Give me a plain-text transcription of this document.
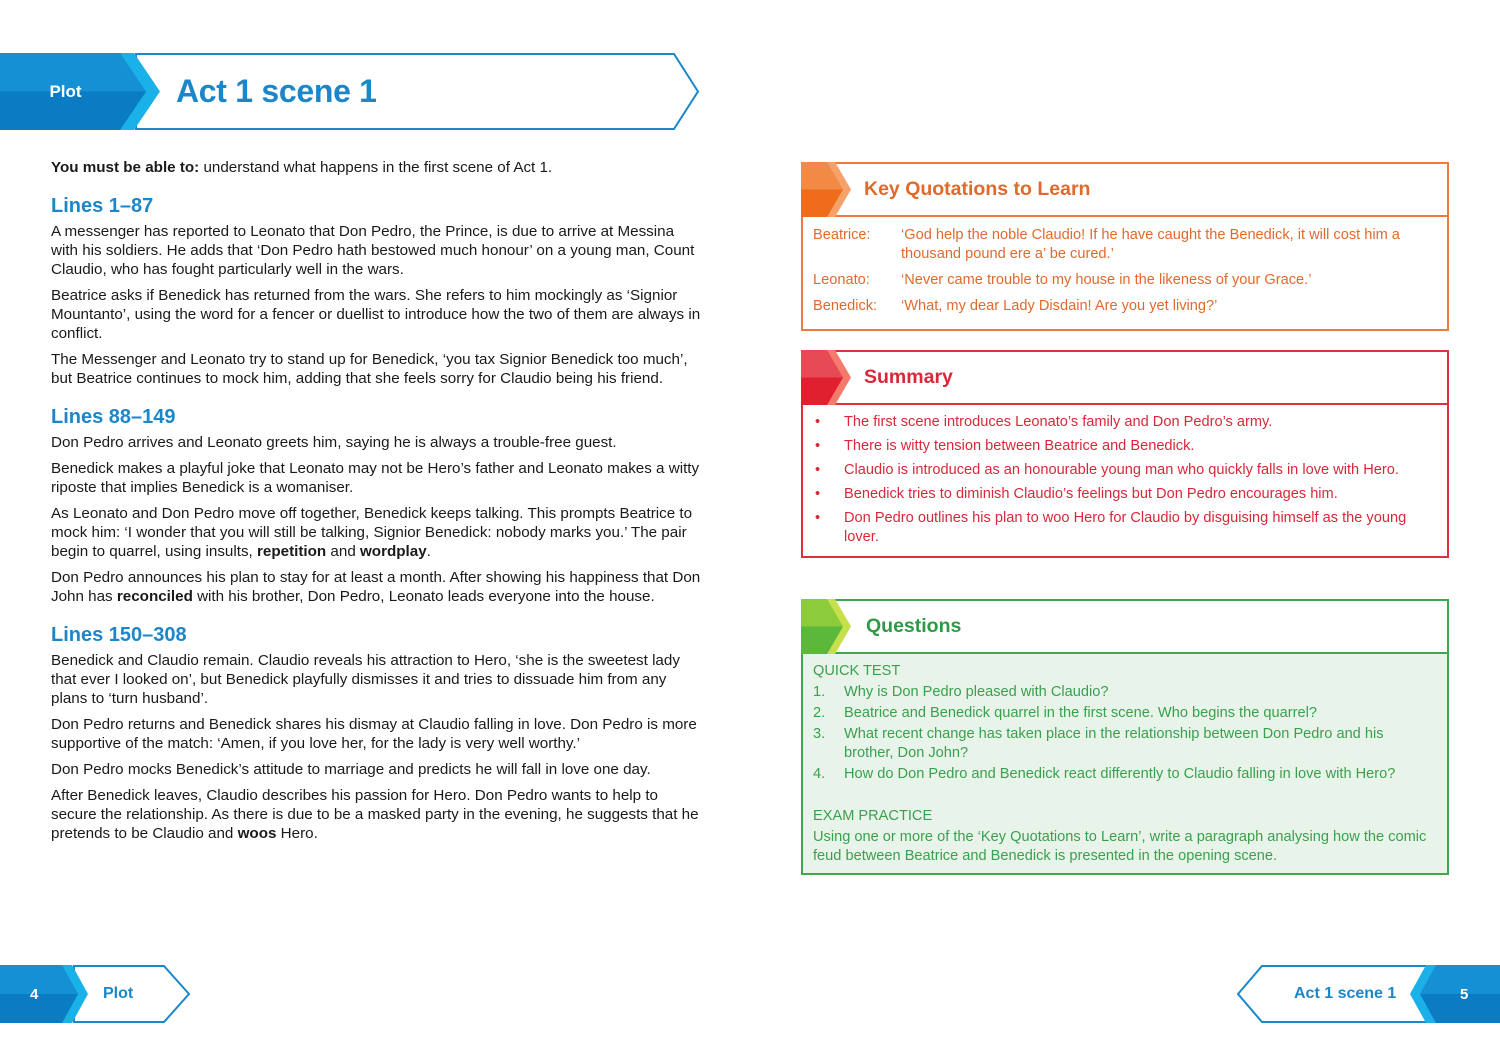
Plot	Act 1 scene 1

You must be able to: understand what happens in the first scene of Act 1.

Lines 1–87

A messenger has reported to Leonato that Don Pedro, the Prince, is due to arrive at Messina with his soldiers. He adds that ‘Don Pedro hath bestowed much honour’ on a young man, Count Claudio, who has fought particularly well in the wars.

Beatrice asks if Benedick has returned from the wars. She refers to him mockingly as ‘Signior Mountanto’, using the word for a fencer or duellist to introduce how the two of them are always in conflict.

The Messenger and Leonato try to stand up for Benedick, ‘you tax Signior Benedick too much’, but Beatrice continues to mock him, adding that she feels sorry for Claudio being his friend.

Lines 88–149

Don Pedro arrives and Leonato greets him, saying he is always a trouble-free guest.

Benedick makes a playful joke that Leonato may not be Hero’s father and Leonato makes a witty riposte that implies Benedick is a womaniser.

As Leonato and Don Pedro move off together, Benedick keeps talking. This prompts Beatrice to mock him: ‘I wonder that you will still be talking, Signior Benedick: nobody marks you.’ The pair begin to quarrel, using insults, repetition and wordplay.

Don Pedro announces his plan to stay for at least a month. After showing his happiness that Don John has reconciled with his brother, Don Pedro, Leonato leads everyone into the house.

Lines 150–308

Benedick and Claudio remain. Claudio reveals his attraction to Hero, ‘she is the sweetest lady that ever I looked on’, but Benedick playfully dismisses it and tries to dissuade him from any plans to ‘turn husband’.

Don Pedro returns and Benedick shares his dismay at Claudio falling in love. Don Pedro is more supportive of the match: ‘Amen, if you love her, for the lady is very well worthy.’

Don Pedro mocks Benedick’s attitude to marriage and predicts he will fall in love one day.

After Benedick leaves, Claudio describes his passion for Hero. Don Pedro wants to help to secure the relationship. As there is due to be a masked party in the evening, he suggests that he pretends to be Claudio and woos Hero.

Key Quotations to Learn
Beatrice:	‘God help the noble Claudio! If he have caught the Benedick, it will cost him a thousand pound ere a’ be cured.’
Leonato:	‘Never came trouble to my house in the likeness of your Grace.’
Benedick:	‘What, my dear Lady Disdain! Are you yet living?’
Summary
•	The first scene introduces Leonato’s family and Don Pedro’s army.
•	There is witty tension between Beatrice and Benedick.
•	Claudio is introduced as an honourable young man who quickly falls in love with Hero.
•	Benedick tries to diminish Claudio’s feelings but Don Pedro encourages him.
•	Don Pedro outlines his plan to woo Hero for Claudio by disguising himself as the young lover.
Questions
QUICK TEST
1.	Why is Don Pedro pleased with Claudio?
2.	Beatrice and Benedick quarrel in the first scene. Who begins the quarrel?
3.	What recent change has taken place in the relationship between Don Pedro and his brother, Don John?
4.	How do Don Pedro and Benedick react differently to Claudio falling in love with Hero?
EXAM PRACTICE
Using one or more of the ‘Key Quotations to Learn’, write a paragraph analysing how the comic feud between Beatrice and Benedick is presented in the opening scene.
4	Plot	Act 1 scene 1	5
